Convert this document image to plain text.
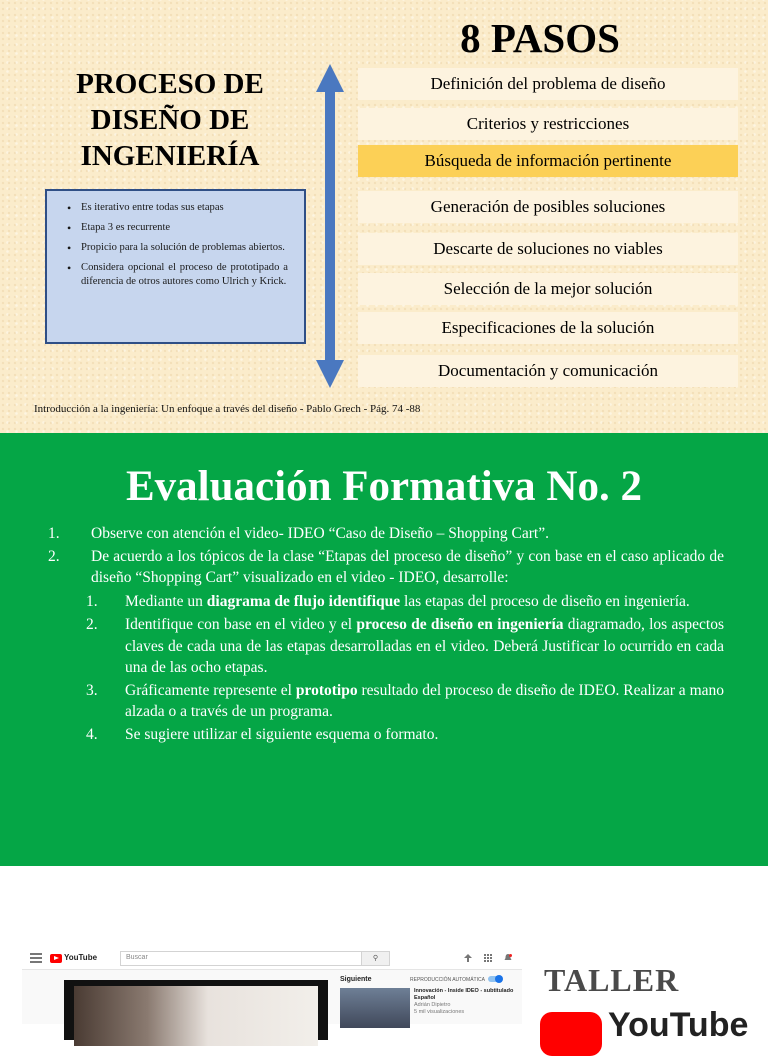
PROCESO DE
DISEÑO DE
INGENIERÍA
• Es iterativo entre todas sus etapas
• Etapa 3 es recurrente
• Propicio para la solución de problemas abiertos.
• Considera opcional el proceso de prototipado a diferencia de otros autores como Ulrich y Krick.
8 PASOS
Definición del problema de diseño
Criterios y restricciones
Búsqueda de información pertinente
Generación de posibles soluciones
Descarte de soluciones no viables
Selección de la mejor solución
Especificaciones de la solución
Documentación y comunicación
Introducción a la ingeniería: Un enfoque a través del diseño - Pablo Grech - Pág. 74 -88
Evaluación Formativa No. 2
1. Observe con atención el video- IDEO “Caso de Diseño – Shopping Cart”.
2. De acuerdo a los tópicos de la clase “Etapas del proceso de diseño” y con base en el caso aplicado de diseño “Shopping Cart” visualizado en el video - IDEO, desarrolle:
1. Mediante un diagrama de flujo identifique las etapas del proceso de diseño en ingeniería.
2. Identifique con base en el video y el proceso de diseño en ingeniería diagramado, los aspectos claves de cada una de las etapas desarrolladas en el video. Deberá Justificar lo ocurrido en cada una de las ocho etapas.
3. Gráficamente represente el prototipo resultado del proceso de diseño de IDEO. Realizar a mano alzada o a través de un programa.
4. Se sugiere utilizar el siguiente esquema o formato.
YouTube	Buscar	⚲
Siguiente	REPRODUCCIÓN AUTOMÁTICA
Innovación - Inside IDEO - subtitulado Español
Adrián Dipietro
5 mil visualizaciones
TALLER
YouTube
